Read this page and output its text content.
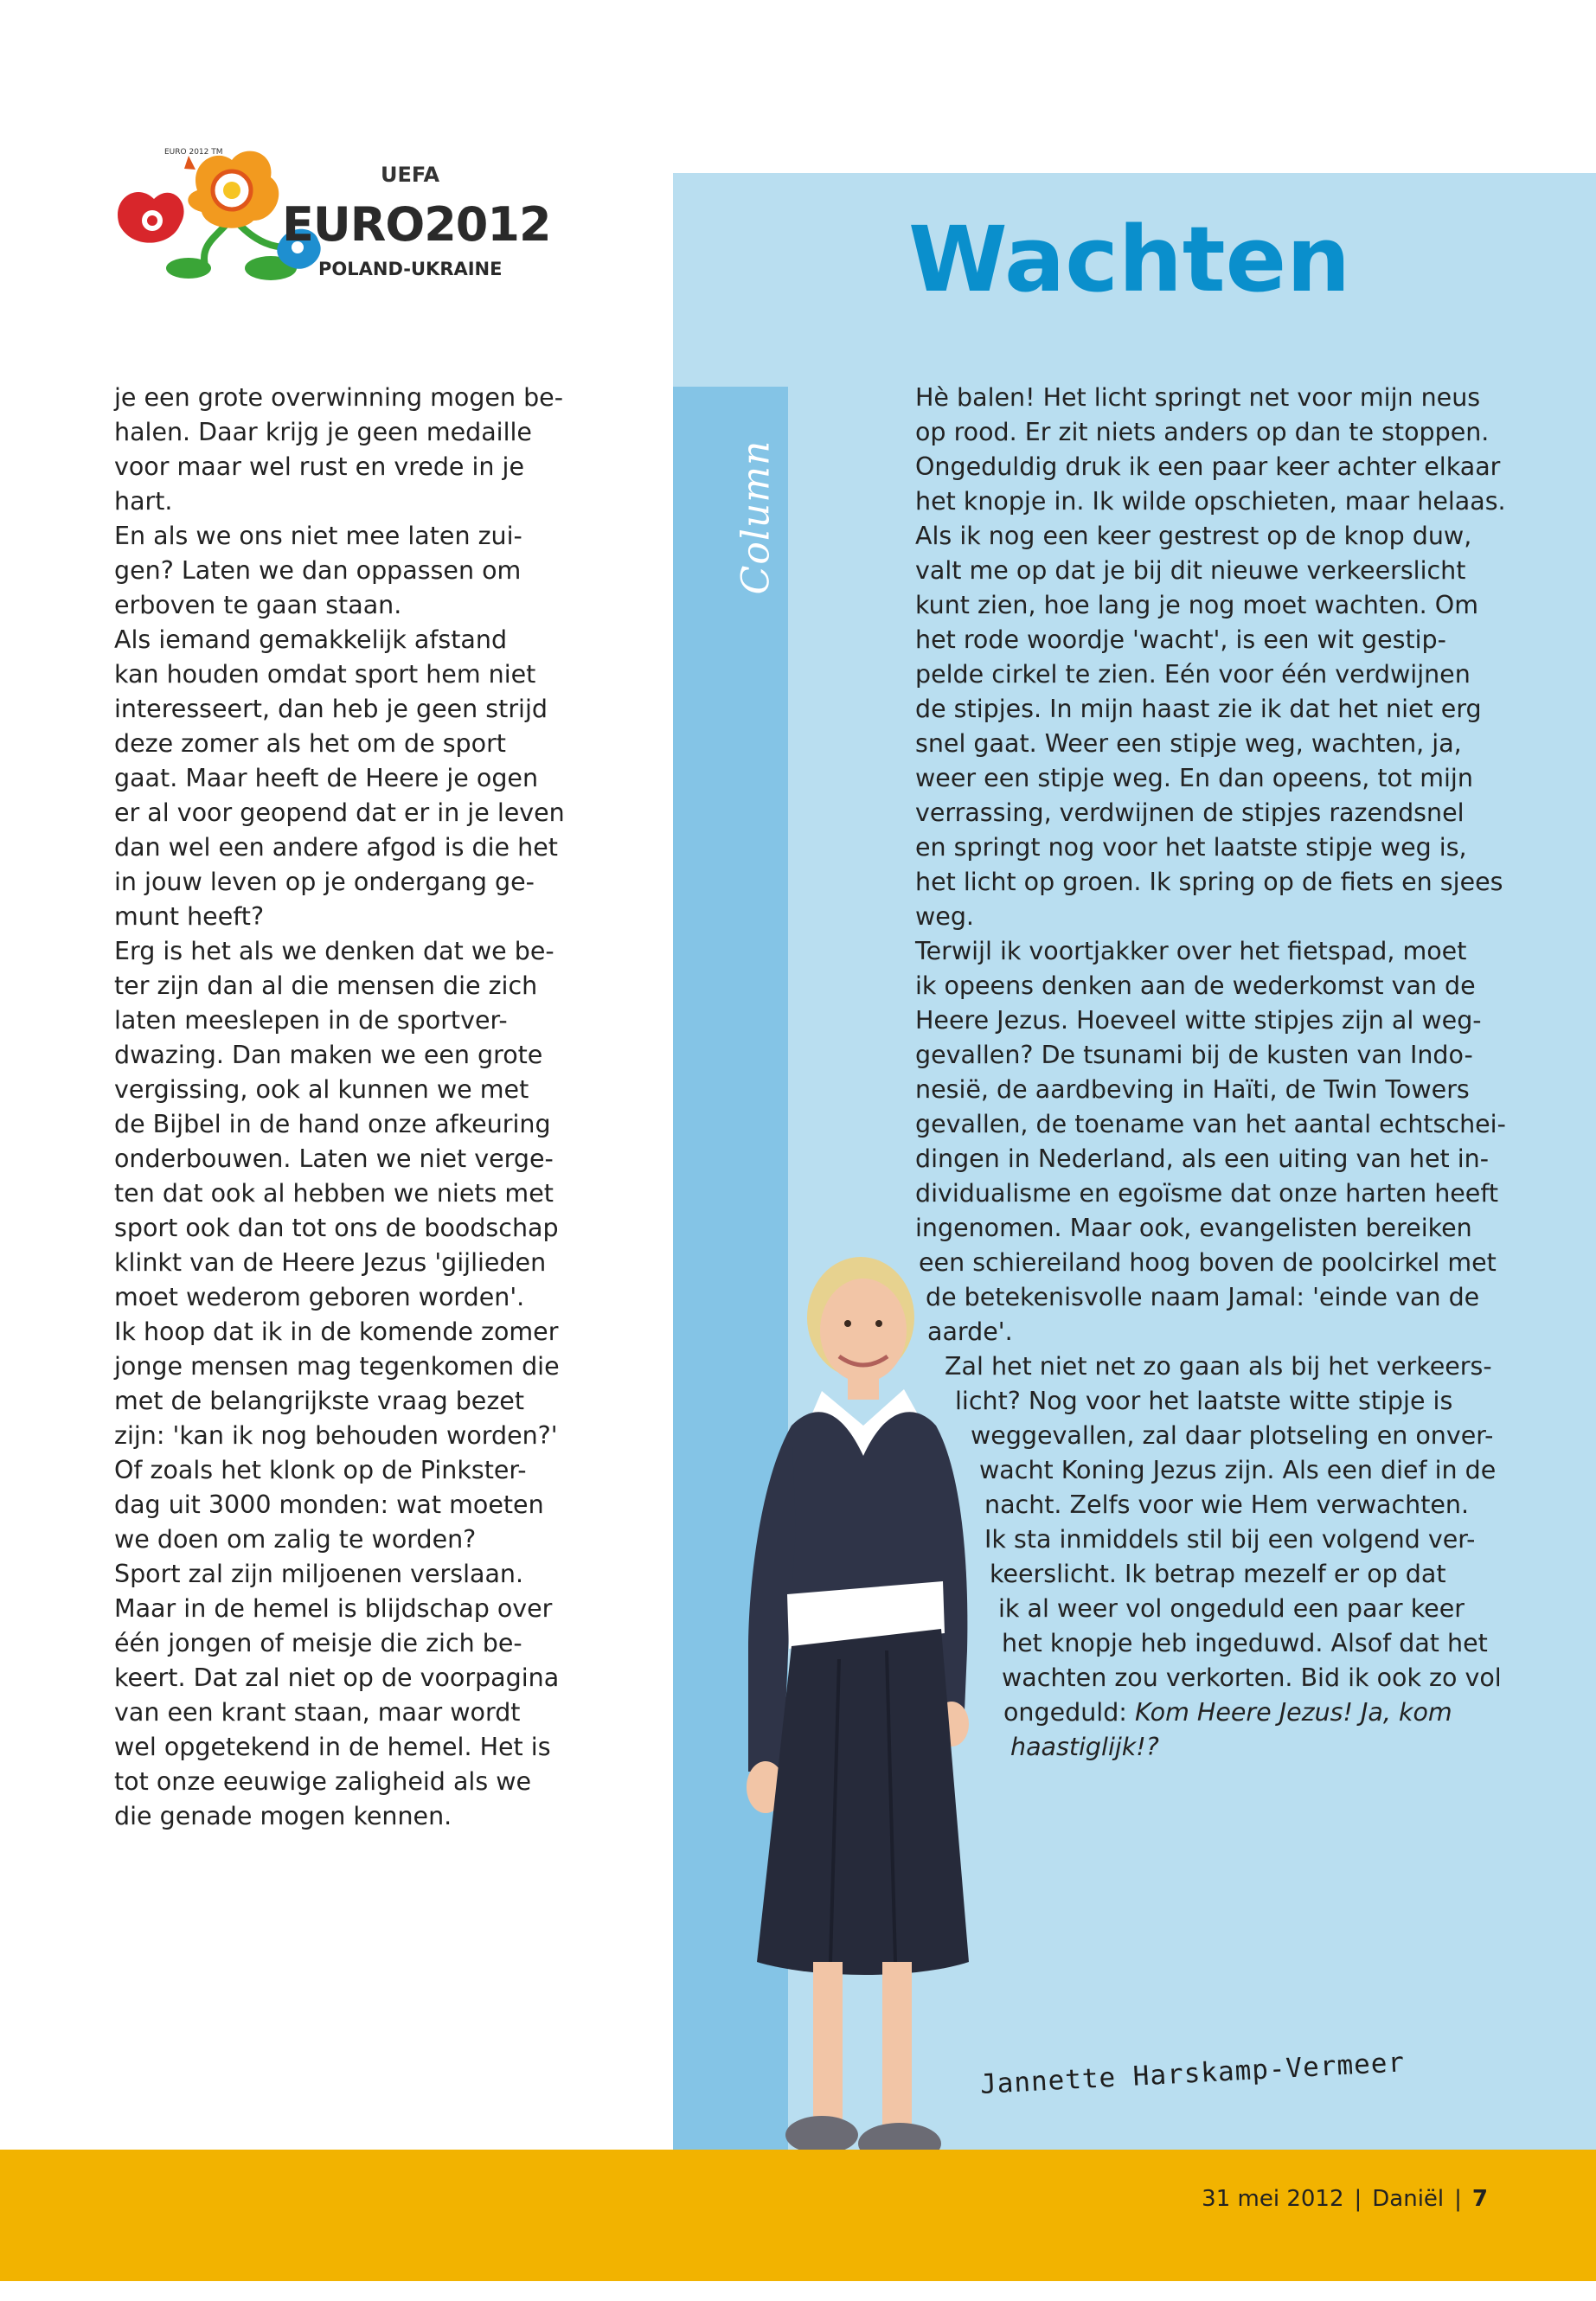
Column
EURO 2012 TM
UEFA
EURO2012
POLAND-UKRAINE	Wachten
je een grote overwinning mogen be-
halen. Daar krijg je geen medaille
voor maar wel rust en vrede in je
hart.
En als we ons niet mee laten zui-
gen? Laten we dan oppassen om
erboven te gaan staan.
Als iemand gemakkelijk afstand
kan houden omdat sport hem niet
interesseert, dan heb je geen strijd
deze zomer als het om de sport
gaat. Maar heeft de Heere je ogen
er al voor geopend dat er in je leven
dan wel een andere afgod is die het
in jouw leven op je ondergang ge-
munt heeft?
Erg is het als we denken dat we be-
ter zijn dan al die mensen die zich
laten meeslepen in de sportver-
dwazing. Dan maken we een grote
vergissing, ook al kunnen we met
de Bijbel in de hand onze afkeuring
onderbouwen. Laten we niet verge-
ten dat ook al hebben we niets met
sport ook dan tot ons de boodschap
klinkt van de Heere Jezus 'gijlieden
moet wederom geboren worden'.
Ik hoop dat ik in de komende zomer
jonge mensen mag tegenkomen die
met de belangrijkste vraag bezet
zijn: 'kan ik nog behouden worden?'
Of zoals het klonk op de Pinkster-
dag uit 3000 monden: wat moeten
we doen om zalig te worden?
Sport zal zijn miljoenen verslaan.
Maar in de hemel is blijdschap over
één jongen of meisje die zich be-
keert. Dat zal niet op de voorpagina
van een krant staan, maar wordt
wel opgetekend in de hemel. Het is
tot onze eeuwige zaligheid als we
die genade mogen kennen.
Hè balen! Het licht springt net voor mijn neus
op rood. Er zit niets anders op dan te stoppen.
Ongeduldig druk ik een paar keer achter elkaar
het knopje in. Ik wilde opschieten, maar helaas.
Als ik nog een keer gestrest op de knop duw,
valt me op dat je bij dit nieuwe verkeerslicht
kunt zien, hoe lang je nog moet wachten. Om
het rode woordje 'wacht', is een wit gestip-
pelde cirkel te zien. Eén voor één verdwijnen
de stipjes. In mijn haast zie ik dat het niet erg
snel gaat. Weer een stipje weg, wachten, ja,
weer een stipje weg. En dan opeens, tot mijn
verrassing, verdwijnen de stipjes razendsnel
en springt nog voor het laatste stipje weg is,
het licht op groen. Ik spring op de fiets en sjees
weg.
Terwijl ik voortjakker over het fietspad, moet
ik opeens denken aan de wederkomst van de
Heere Jezus. Hoeveel witte stipjes zijn al weg-
gevallen? De tsunami bij de kusten van Indo-
nesië, de aardbeving in Haïti, de Twin Towers
gevallen, de toename van het aantal echtschei-
dingen in Nederland, als een uiting van het in-
dividualisme en egoïsme dat onze harten heeft
ingenomen. Maar ook, evangelisten bereiken
een schiereiland hoog boven de poolcirkel met
de betekenisvolle naam Jamal: 'einde van de
aarde'.
Zal het niet net zo gaan als bij het verkeers-
licht? Nog voor het laatste witte stipje is
weggevallen, zal daar plotseling en onver-
wacht Koning Jezus zijn. Als een dief in de
nacht. Zelfs voor wie Hem verwachten.
Ik sta inmiddels stil bij een volgend ver-
keerslicht. Ik betrap mezelf er op dat
ik al weer vol ongeduld een paar keer
het knopje heb ingeduwd. Alsof dat het
wachten zou verkorten. Bid ik ook zo vol
ongeduld: Kom Heere Jezus! Ja, kom
haastiglijk!?
Jannette Harskamp-Vermeer
31 mei 2012 | Daniël | 7
